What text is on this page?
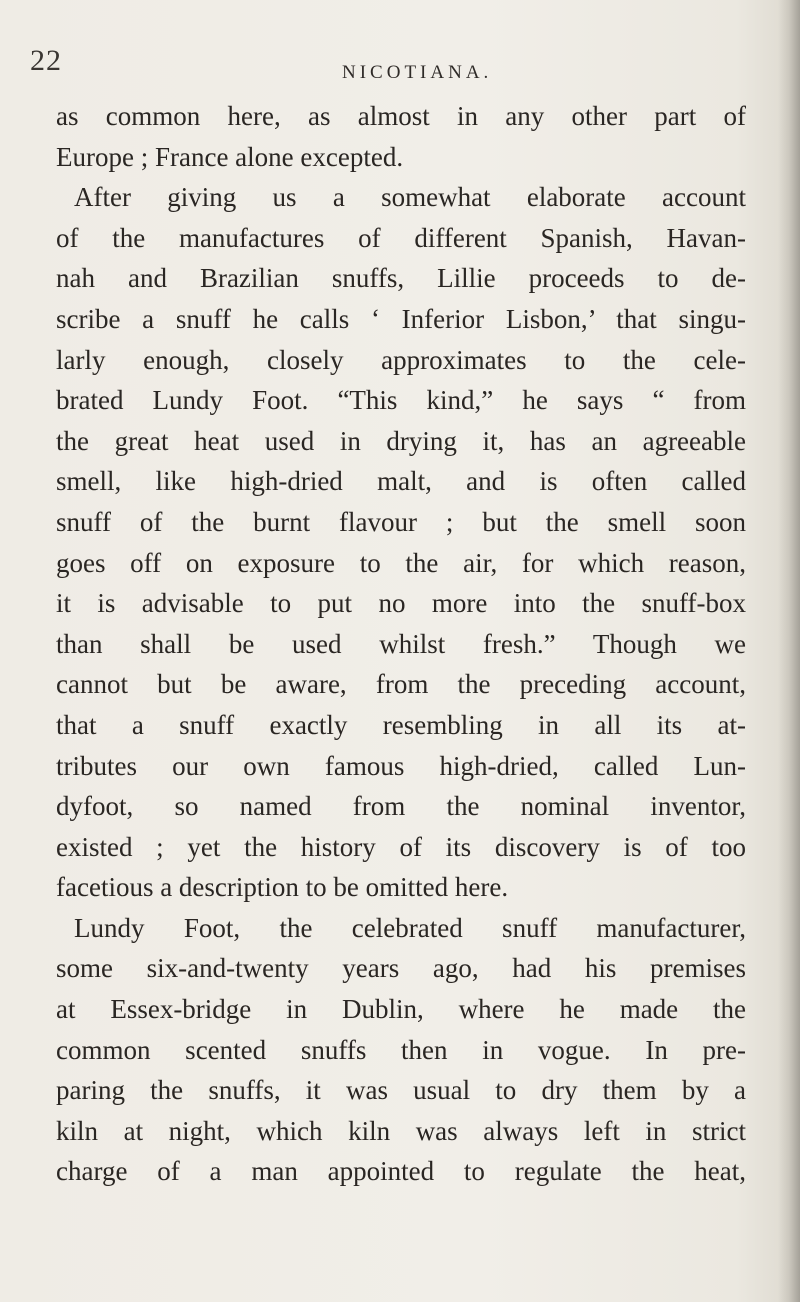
22	NICOTIANA.
as common here, as almost in any other part of
Europe ; France alone excepted.
After giving us a somewhat elaborate account
of the manufactures of different Spanish, Havan-
nah and Brazilian snuffs, Lillie proceeds to de-
scribe a snuff he calls ‘ Inferior Lisbon,’ that singu-
larly enough, closely approximates to the cele-
brated Lundy Foot. “This kind,” he says “ from
the great heat used in drying it, has an agreeable
smell, like high-dried malt, and is often called
snuff of the burnt flavour ; but the smell soon
goes off on exposure to the air, for which reason,
it is advisable to put no more into the snuff-box
than shall be used whilst fresh.” Though we
cannot but be aware, from the preceding account,
that a snuff exactly resembling in all its at-
tributes our own famous high-dried, called Lun-
dyfoot, so named from the nominal inventor,
existed ; yet the history of its discovery is of too
facetious a description to be omitted here.
Lundy Foot, the celebrated snuff manufacturer,
some six-and-twenty years ago, had his premises
at Essex-bridge in Dublin, where he made the
common scented snuffs then in vogue. In pre-
paring the snuffs, it was usual to dry them by a
kiln at night, which kiln was always left in strict
charge of a man appointed to regulate the heat,
